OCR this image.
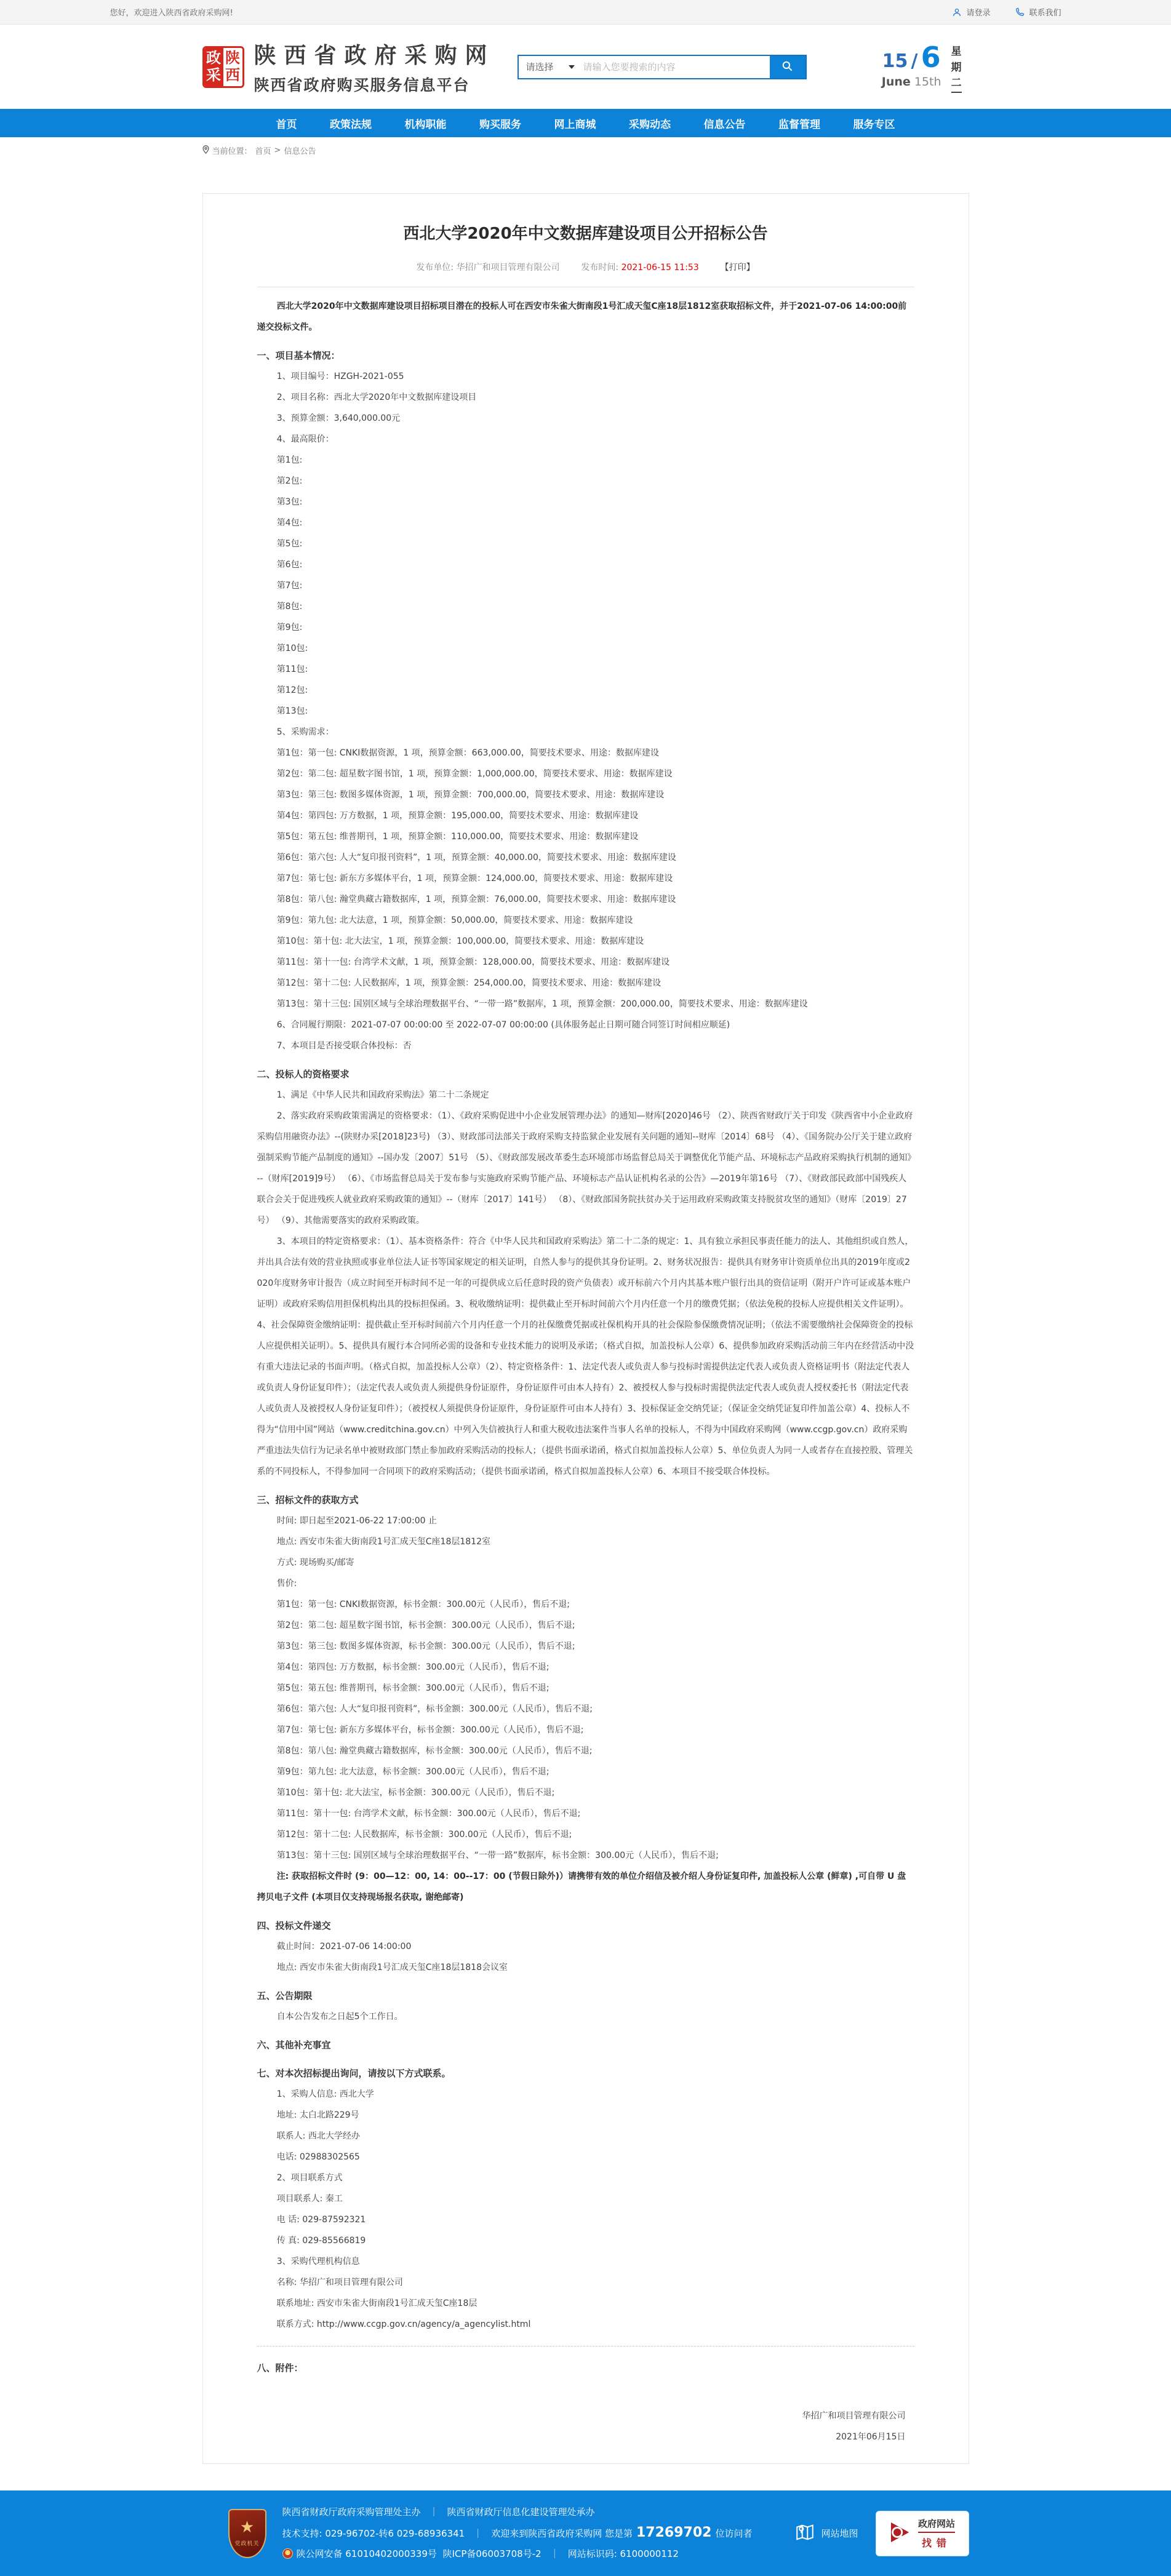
您好，欢迎进入陕西省政府采购网!	请登录	联系我们
政
采
陕
西
陕西省政府采购网
陕西省政府购买服务信息平台
请选择
请输入您要搜索的内容	15 / 6
June 15th
星
期
二
首页	政策法规	机构职能	购买服务	网上商城	采购动态	信息公告	监督管理	服务专区
当前位置： 首页 > 信息公告
西北大学2020年中文数据库建设项目公开招标公告
发布单位: 华招广和项目管理有限公司 发布时间: 2021-06-15 11:53 【打印】

西北大学2020年中文数据库建设项目招标项目潜在的投标人可在西安市朱雀大街南段1号汇成天玺C座18层1812室获取招标文件，并于2021-07-06 14:00:00前递交投标文件。

一、项目基本情况：

1、项目编号：HZGH-2021-055

2、项目名称：西北大学2020年中文数据库建设项目

3、预算金额：3,640,000.00元

4、最高限价：

第1包:

第2包:

第3包:

第4包:

第5包:

第6包:

第7包:

第8包:

第9包:

第10包:

第11包:

第12包:

第13包:

5、采购需求：

第1包：第一包: CNKI数据资源，1 项，预算金额：663,000.00，简要技术要求、用途：数据库建设

第2包：第二包: 超星数字图书馆，1 项，预算金额：1,000,000.00，简要技术要求、用途：数据库建设

第3包：第三包: 数图多媒体资源，1 项，预算金额：700,000.00，简要技术要求、用途：数据库建设

第4包：第四包: 万方数据，1 项，预算金额：195,000.00，简要技术要求、用途：数据库建设

第5包：第五包: 维普期刊，1 项，预算金额：110,000.00，简要技术要求、用途：数据库建设

第6包：第六包: 人大“复印报刊资料”，1 项，预算金额：40,000.00，简要技术要求、用途：数据库建设

第7包：第七包: 新东方多媒体平台，1 项，预算金额：124,000.00，简要技术要求、用途：数据库建设

第8包：第八包: 瀚堂典藏古籍数据库，1 项，预算金额：76,000.00，简要技术要求、用途：数据库建设

第9包：第九包: 北大法意，1 项，预算金额：50,000.00，简要技术要求、用途：数据库建设

第10包：第十包: 北大法宝，1 项，预算金额：100,000.00，简要技术要求、用途：数据库建设

第11包：第十一包: 台湾学术文献，1 项，预算金额：128,000.00，简要技术要求、用途：数据库建设

第12包：第十二包: 人民数据库，1 项，预算金额：254,000.00，简要技术要求、用途：数据库建设

第13包：第十三包: 国别区域与全球治理数据平台、“一带一路”数据库，1 项，预算金额：200,000.00，简要技术要求、用途：数据库建设

6、合同履行期限：2021-07-07 00:00:00 至 2022-07-07 00:00:00 (具体服务起止日期可随合同签订时间相应顺延)

7、本项目是否接受联合体投标：否

二、投标人的资格要求

1、满足《中华人民共和国政府采购法》第二十二条规定

2、落实政府采购政策需满足的资格要求：（1）、《政府采购促进中小企业发展管理办法》的通知—财库[2020]46号 （2）、陕西省财政厅关于印发《陕西省中小企业政府采购信用融资办法》--(陕财办采[2018]23号) （3）、财政部司法部关于政府采购支持监狱企业发展有关问题的通知--财库〔2014〕68号 （4）、《国务院办公厅关于建立政府强制采购节能产品制度的通知》--国办发〔2007〕51号 （5）、《财政部发展改革委生态环境部市场监督总局关于调整优化节能产品、环境标志产品政府采购执行机制的通知》--（财库[2019]9号） （6）、《市场监督总局关于发布参与实施政府采购节能产品、环境标志产品认证机构名录的公告》—2019年第16号 （7）、《财政部民政部中国残疾人联合会关于促进残疾人就业政府采购政策的通知》--（财库〔2017〕141号） （8）、《财政部国务院扶贫办关于运用政府采购政策支持脱贫攻坚的通知》（财库〔2019〕27号） （9）、其他需要落实的政府采购政策。

3、本项目的特定资格要求：（1）、基本资格条件：符合《中华人民共和国政府采购法》第二十二条的规定：1、具有独立承担民事责任能力的法人、其他组织或自然人，并出具合法有效的营业执照或事业单位法人证书等国家规定的相关证明，自然人参与的提供其身份证明。2、财务状况报告：提供具有财务审计资质单位出具的2019年度或2020年度财务审计报告（成立时间至开标时间不足一年的可提供成立后任意时段的资产负债表）或开标前六个月内其基本账户银行出具的资信证明（附开户许可证或基本账户证明）或政府采购信用担保机构出具的投标担保函。3、税收缴纳证明：提供截止至开标时间前六个月内任意一个月的缴费凭据；（依法免税的投标人应提供相关文件证明）。4、社会保障资金缴纳证明：提供截止至开标时间前六个月内任意一个月的社保缴费凭据或社保机构开具的社会保险参保缴费情况证明；（依法不需要缴纳社会保障资金的投标人应提供相关证明）。5、提供具有履行本合同所必需的设备和专业技术能力的说明及承诺；（格式自拟，加盖投标人公章）6、提供参加政府采购活动前三年内在经营活动中没有重大违法记录的书面声明。（格式自拟，加盖投标人公章）（2）、特定资格条件：1、法定代表人或负责人参与投标时需提供法定代表人或负责人资格证明书（附法定代表人或负责人身份证复印件）；（法定代表人或负责人须提供身份证原件，身份证原件可由本人持有）2、被授权人参与投标时需提供法定代表人或负责人授权委托书（附法定代表人或负责人及被授权人身份证复印件）；（被授权人须提供身份证原件，身份证原件可由本人持有）3、投标保证金交纳凭证；（保证金交纳凭证复印件加盖公章）4、投标人不得为“信用中国”网站（www.creditchina.gov.cn）中列入失信被执行人和重大税收违法案件当事人名单的投标人，不得为中国政府采购网（www.ccgp.gov.cn）政府采购严重违法失信行为记录名单中被财政部门禁止参加政府采购活动的投标人；（提供书面承诺函，格式自拟加盖投标人公章）5、单位负责人为同一人或者存在直接控股、管理关系的不同投标人，不得参加同一合同项下的政府采购活动；（提供书面承诺函，格式自拟加盖投标人公章）6、本项目不接受联合体投标。

三、招标文件的获取方式

时间: 即日起至2021-06-22 17:00:00 止

地点: 西安市朱雀大街南段1号汇成天玺C座18层1812室

方式: 现场购买/邮寄

售价:

第1包：第一包: CNKI数据资源，标书金额：300.00元（人民币），售后不退;

第2包：第二包: 超星数字图书馆，标书金额：300.00元（人民币），售后不退;

第3包：第三包: 数图多媒体资源，标书金额：300.00元（人民币），售后不退;

第4包：第四包: 万方数据，标书金额：300.00元（人民币），售后不退;

第5包：第五包: 维普期刊，标书金额：300.00元（人民币），售后不退;

第6包：第六包: 人大“复印报刊资料”，标书金额：300.00元（人民币），售后不退;

第7包：第七包: 新东方多媒体平台，标书金额：300.00元（人民币），售后不退;

第8包：第八包: 瀚堂典藏古籍数据库，标书金额：300.00元（人民币），售后不退;

第9包：第九包: 北大法意，标书金额：300.00元（人民币），售后不退;

第10包：第十包: 北大法宝，标书金额：300.00元（人民币），售后不退;

第11包：第十一包: 台湾学术文献，标书金额：300.00元（人民币），售后不退;

第12包：第十二包: 人民数据库，标书金额：300.00元（人民币），售后不退;

第13包：第十三包: 国别区域与全球治理数据平台、“一带一路”数据库，标书金额：300.00元（人民币），售后不退;

注: 获取招标文件时 (9：00—12：00, 14：00--17：00 (节假日除外)）请携带有效的单位介绍信及被介绍人身份证复印件, 加盖投标人公章 (鲜章) ,可自带 U 盘拷贝电子文件 (本项目仅支持现场报名获取, 谢绝邮寄)

四、投标文件递交

截止时间：2021-07-06 14:00:00

地点: 西安市朱雀大街南段1号汇成天玺C座18层1818会议室

五、公告期限

自本公告发布之日起5个工作日。

六、其他补充事宜
七、对本次招标提出询问，请按以下方式联系。

1、采购人信息: 西北大学

地址: 太白北路229号

联系人: 西北大学经办

电话: 02988302565

2、项目联系方式

项目联系人: 秦工

电 话: 029-87592321

传 真: 029-85566819

3、采购代理机构信息

名称: 华招广和项目管理有限公司

联系地址: 西安市朱雀大街南段1号汇成天玺C座18层

联系方式: http://www.ccgp.gov.cn/agency/a_agencylist.html

八、附件：

华招广和项目管理有限公司

2021年06月15日

★
党政机关
陕西省财政厅政府采购管理处主办 ｜ 陕西省财政厅信息化建设管理处承办
技术支持: 029-96702-转6 029-68936341 ｜ 欢迎来到陕西省政府采购网 您是第 17269702 位访问者
陕公网安备 61010402000339号 陕ICP备06003708号-2 ｜ 网站标识码: 6100000112
网站地图
政府网站
找错
